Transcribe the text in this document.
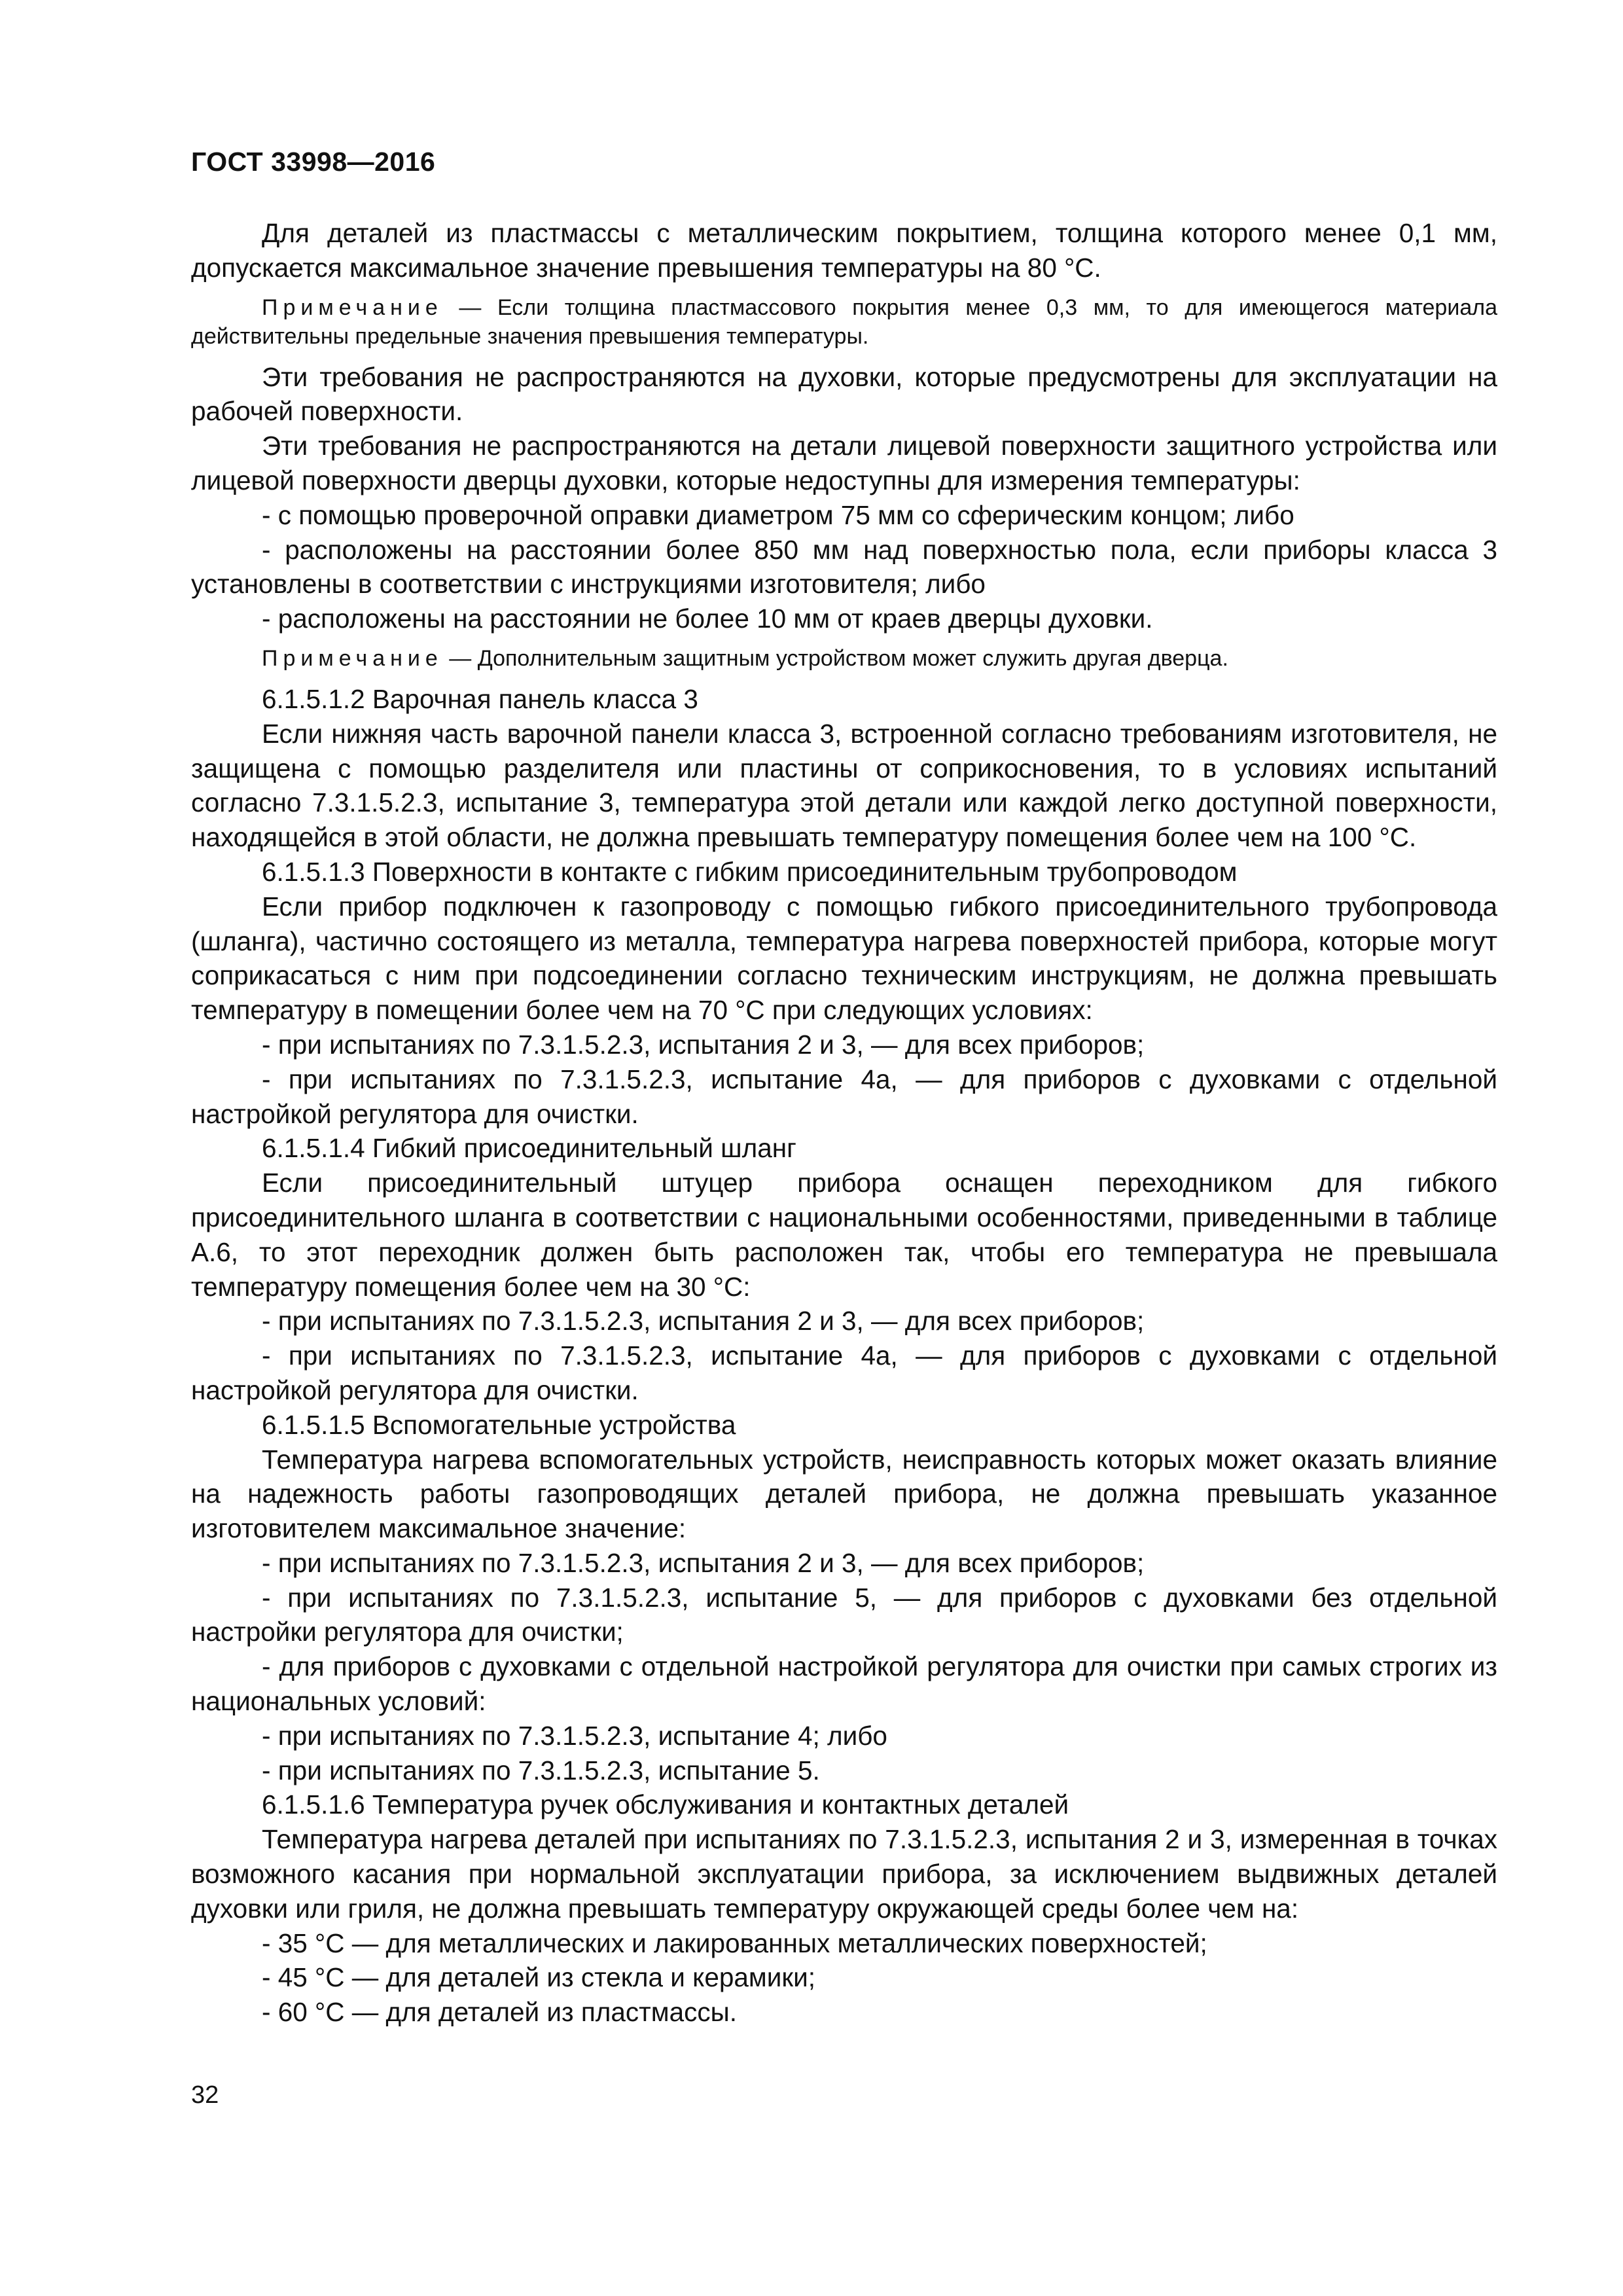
ГОСТ 33998—2016

Для деталей из пластмассы с металлическим покрытием, толщина которого менее 0,1 мм, допускается максимальное значение превышения температуры на 80 °С.

Примечание — Если толщина пластмассового покрытия менее 0,3 мм, то для имеющегося материала действительны предельные значения превышения температуры.

Эти требования не распространяются на духовки, которые предусмотрены для эксплуатации на рабочей поверхности.

Эти требования не распространяются на детали лицевой поверхности защитного устройства или лицевой поверхности дверцы духовки, которые недоступны для измерения температуры:

- с помощью проверочной оправки диаметром 75 мм со сферическим концом; либо

- расположены на расстоянии более 850 мм над поверхностью пола, если приборы класса 3 установлены в соответствии с инструкциями изготовителя; либо

- расположены на расстоянии не более 10 мм от краев дверцы духовки.

Примечание — Дополнительным защитным устройством может служить другая дверца.

6.1.5.1.2 Варочная панель класса 3

Если нижняя часть варочной панели класса 3, встроенной согласно требованиям изготовителя, не защищена с помощью разделителя или пластины от соприкосновения, то в условиях испытаний согласно 7.3.1.5.2.3, испытание 3, температура этой детали или каждой легко доступной поверхности, находящейся в этой области, не должна превышать температуру помещения более чем на 100 °С.

6.1.5.1.3 Поверхности в контакте с гибким присоединительным трубопроводом

Если прибор подключен к газопроводу с помощью гибкого присоединительного трубопровода (шланга), частично состоящего из металла, температура нагрева поверхностей прибора, которые могут соприкасаться с ним при подсоединении согласно техническим инструкциям, не должна превышать температуру в помещении более чем на 70 °С при следующих условиях:

- при испытаниях по 7.3.1.5.2.3, испытания 2 и 3, — для всех приборов;

- при испытаниях по 7.3.1.5.2.3, испытание 4а, — для приборов с духовками с отдельной настройкой регулятора для очистки.

6.1.5.1.4 Гибкий присоединительный шланг

Если присоединительный штуцер прибора оснащен переходником для гибкого присоединительного шланга в соответствии с национальными особенностями, приведенными в таблице А.6, то этот переходник должен быть расположен так, чтобы его температура не превышала температуру помещения более чем на 30 °С:

- при испытаниях по 7.3.1.5.2.3, испытания 2 и 3, — для всех приборов;

- при испытаниях по 7.3.1.5.2.3, испытание 4а, — для приборов с духовками с отдельной настройкой регулятора для очистки.

6.1.5.1.5 Вспомогательные устройства

Температура нагрева вспомогательных устройств, неисправность которых может оказать влияние на надежность работы газопроводящих деталей прибора, не должна превышать указанное изготовителем максимальное значение:

- при испытаниях по 7.3.1.5.2.3, испытания 2 и 3, — для всех приборов;

- при испытаниях по 7.3.1.5.2.3, испытание 5, — для приборов с духовками без отдельной настройки регулятора для очистки;

- для приборов с духовками с отдельной настройкой регулятора для очистки при самых строгих из национальных условий:

- при испытаниях по 7.3.1.5.2.3, испытание 4; либо

- при испытаниях по 7.3.1.5.2.3, испытание 5.

6.1.5.1.6 Температура ручек обслуживания и контактных деталей

Температура нагрева деталей при испытаниях по 7.3.1.5.2.3, испытания 2 и 3, измеренная в точках возможного касания при нормальной эксплуатации прибора, за исключением выдвижных деталей духовки или гриля, не должна превышать температуру окружающей среды более чем на:

- 35 °С — для металлических и лакированных металлических поверхностей;

- 45 °С — для деталей из стекла и керамики;

- 60 °С — для деталей из пластмассы.

32
